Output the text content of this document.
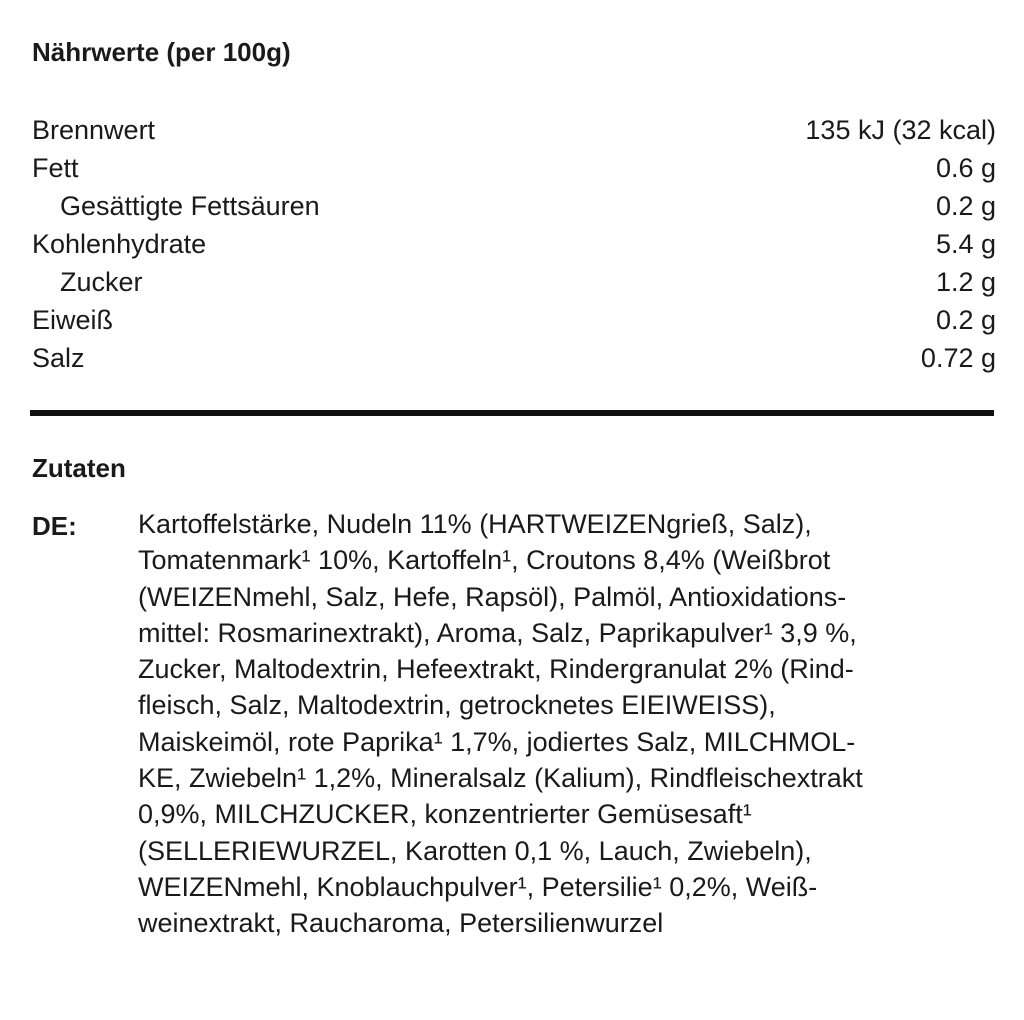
Nährwerte (per 100g)
Brennwert	135 kJ (32 kcal)
Fett	0.6 g
Gesättigte Fettsäuren	0.2 g
Kohlenhydrate	5.4 g
Zucker	1.2 g
Eiweiß	0.2 g
Salz	0.72 g
Zutaten
DE: Kartoffelstärke, Nudeln 11% (HARTWEIZENgrieß, Salz),
Tomatenmark¹ 10%, Kartoffeln¹, Croutons 8,4% (Weißbrot
(WEIZENmehl, Salz, Hefe, Rapsöl), Palmöl, Antioxidations-
mittel: Rosmarinextrakt), Aroma, Salz, Paprikapulver¹ 3,9 %,
Zucker, Maltodextrin, Hefeextrakt, Rindergranulat 2% (Rind-
fleisch, Salz, Maltodextrin, getrocknetes EIEIWEISS),
Maiskeimöl, rote Paprika¹ 1,7%, jodiertes Salz, MILCHMOL-
KE, Zwiebeln¹ 1,2%, Mineralsalz (Kalium), Rindfleischextrakt
0,9%, MILCHZUCKER, konzentrierter Gemüsesaft¹
(SELLERIEWURZEL, Karotten 0,1 %, Lauch, Zwiebeln),
WEIZENmehl, Knoblauchpulver¹, Petersilie¹ 0,2%, Weiß-
weinextrakt, Raucharoma, Petersilienwurzel
